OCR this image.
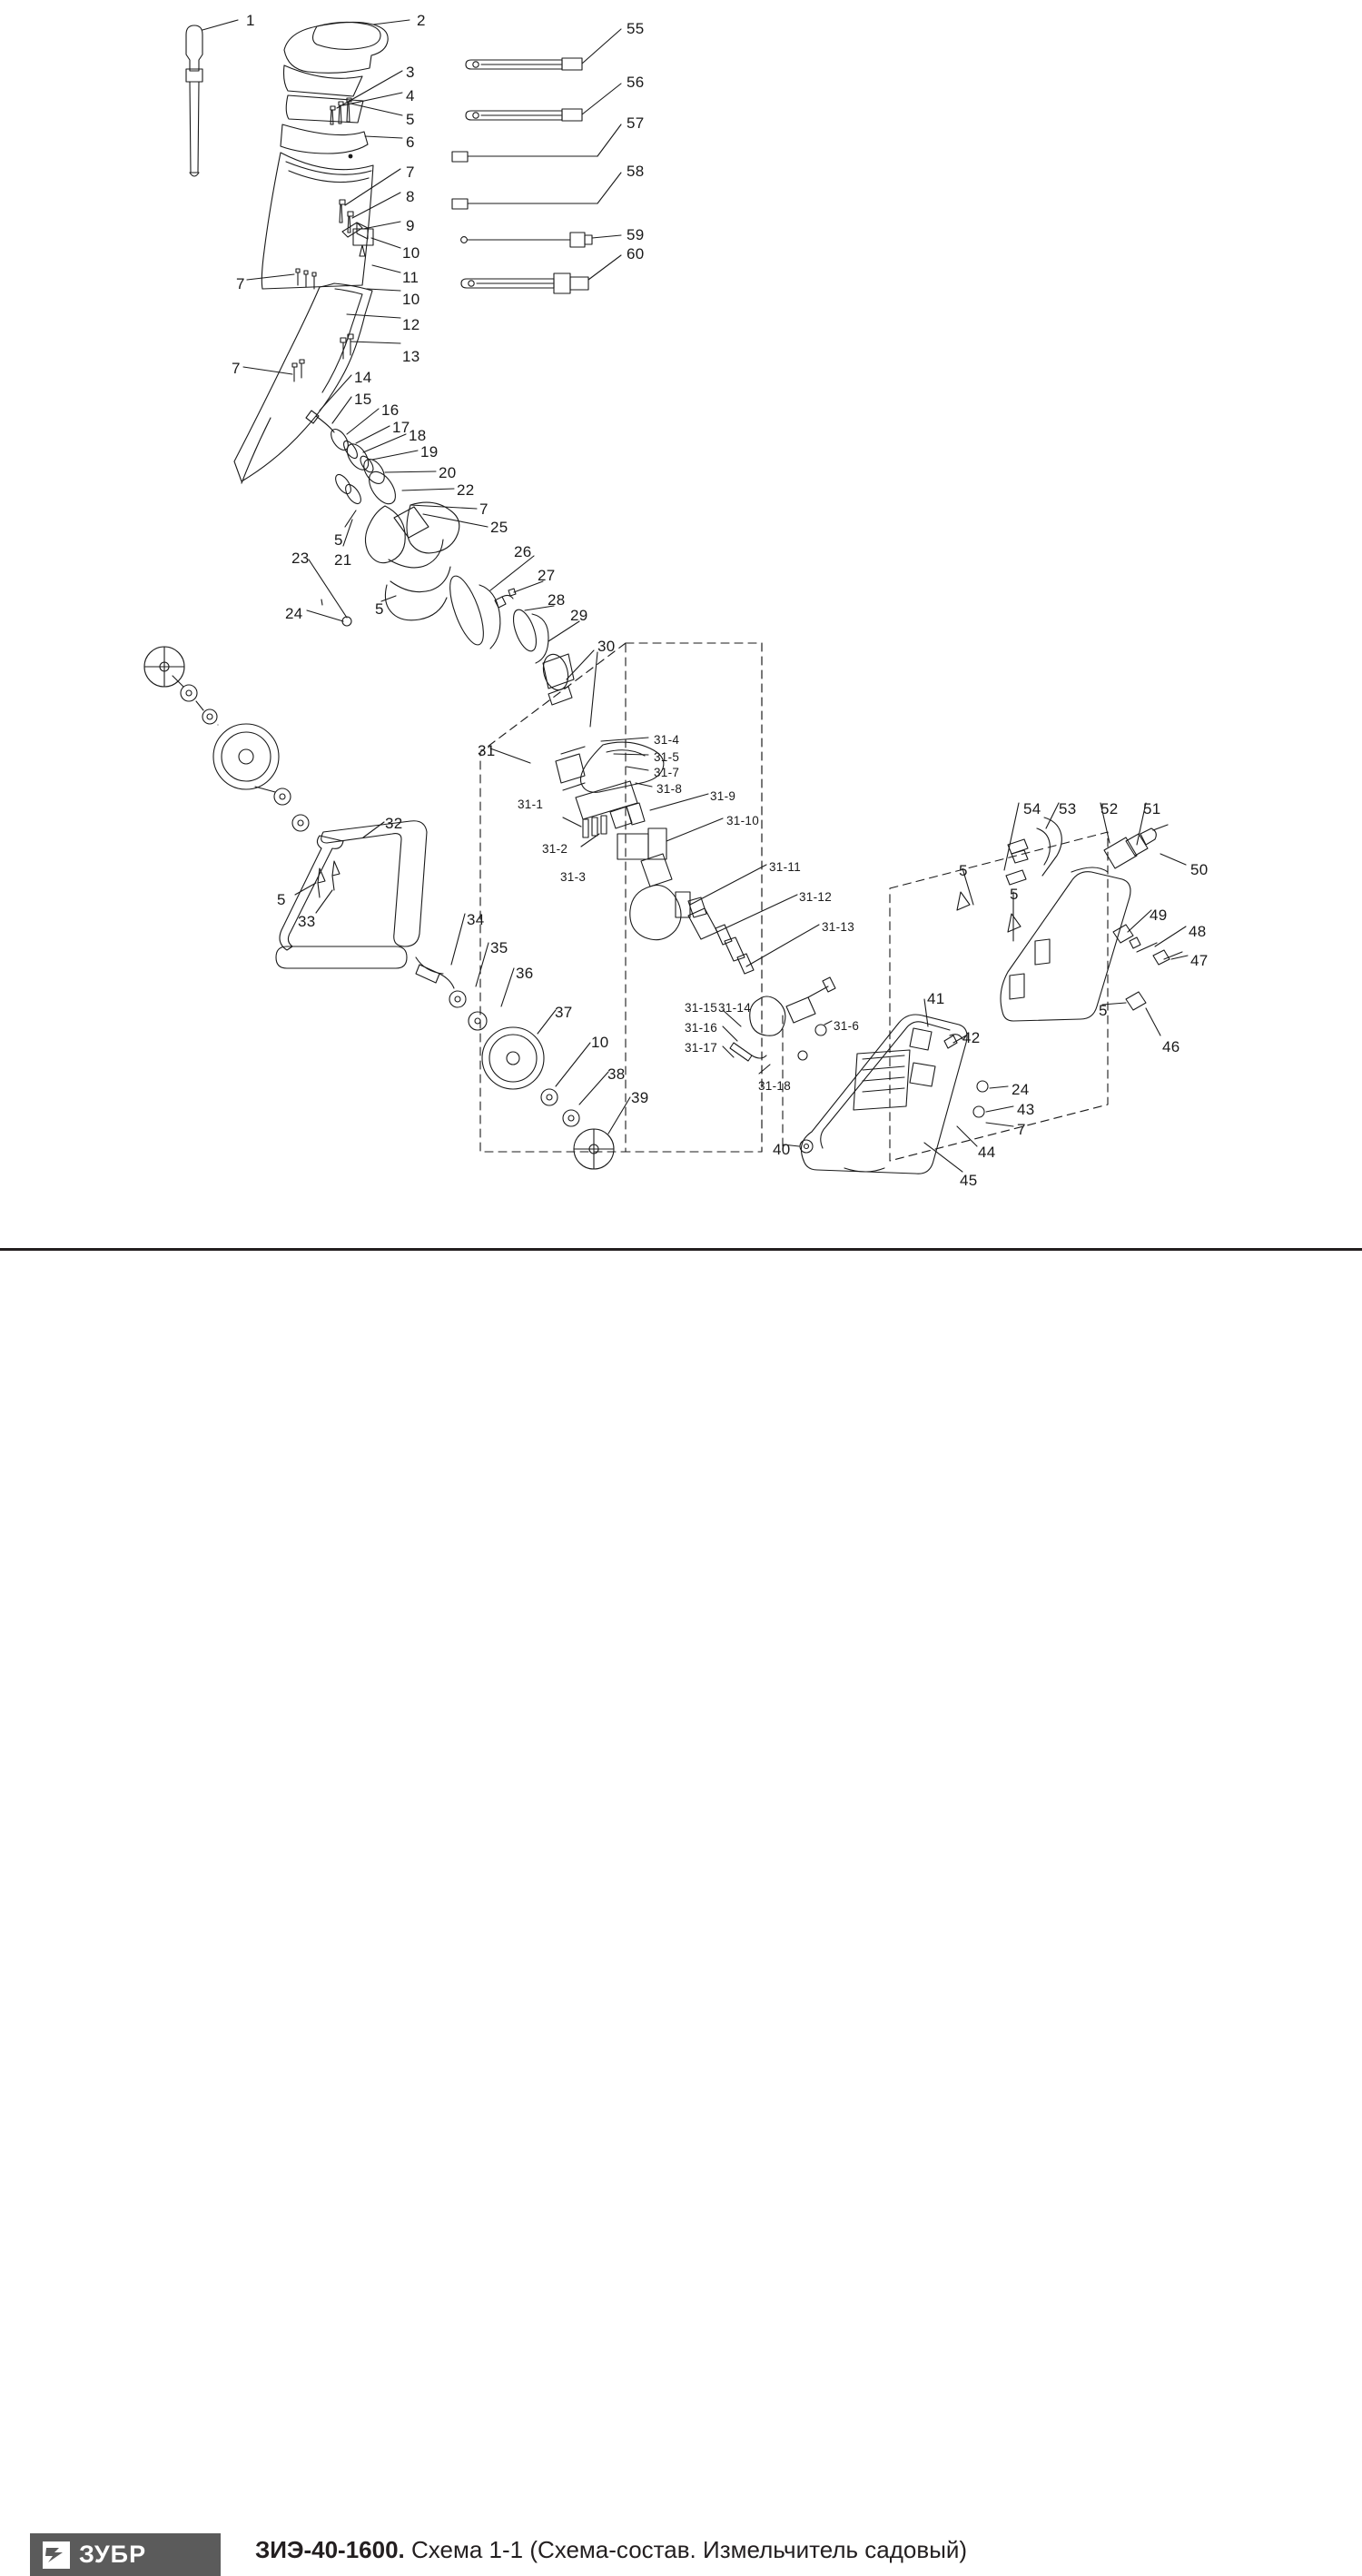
1	2
3
4
5
6
7
8
9
10
11
7
10
12
13
7
14
15
16
17
18
19
20
22
7
25
5
21
23	26
27
24	5
28
29
30
55
56
57
58
59
60
31
31-1
31-2
31-3
31-4
31-5
31-7
31-8
31-9
31-10
31-11
31-12
31-13
31-6
31-15 31-14
31-16
31-17
31-18
32
5
33	34
35
36
37
10
38
39
40
41
42
24
43
7
44
45
54 53 52 51
50
49
48
47
46
5
5
5
ЗУБР	ЗИЭ-40-1600. Схема 1-1 (Схема-состав. Измельчитель садовый)
